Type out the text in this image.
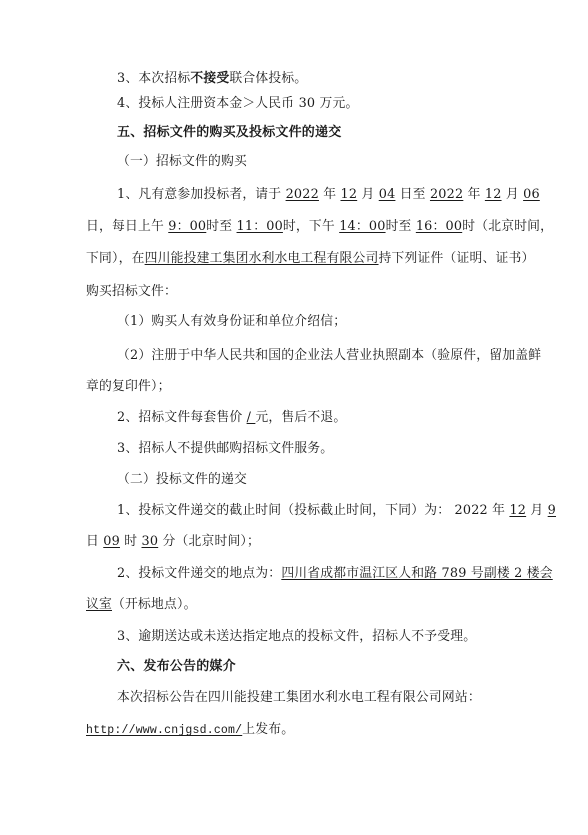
3、本次招标不接受联合体投标。
4、投标人注册资本金＞人民币 30 万元。
五、招标文件的购买及投标文件的递交
（一）招标文件的购买
1、凡有意参加投标者，请于 2022 年 12 月 04 日至 2022 年 12 月 06
日，每日上午 9：00时至 11：00时，下午 14：00时至 16：00时（北京时间，
下同），在四川能投建工集团水利水电工程有限公司持下列证件（证明、证书）
购买招标文件：
（1）购买人有效身份证和单位介绍信；
（2）注册于中华人民共和国的企业法人营业执照副本（验原件，留加盖鲜
章的复印件）；
2、招标文件每套售价 / 元，售后不退。
3、招标人不提供邮购招标文件服务。
（二）投标文件的递交
1、投标文件递交的截止时间（投标截止时间，下同）为： 2022 年 12 月 9
日 09 时 30 分（北京时间）；
2、投标文件递交的地点为：四川省成都市温江区人和路 789 号副楼 2 楼会
议室（开标地点）。
3、逾期送达或未送达指定地点的投标文件，招标人不予受理。
六、发布公告的媒介
本次招标公告在四川能投建工集团水利水电工程有限公司网站：
http://www.cnjgsd.com/上发布。
